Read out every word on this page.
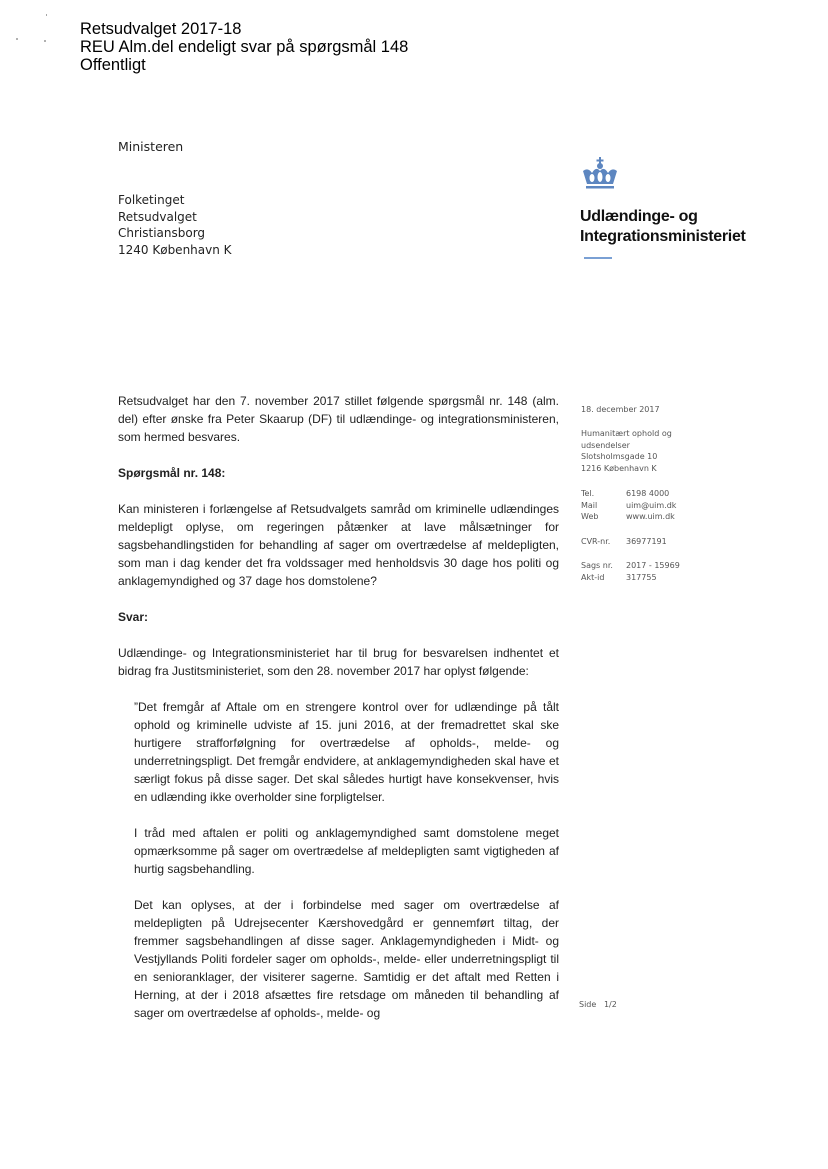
Retsudvalget 2017-18
REU Alm.del endeligt svar på spørgsmål 148
Offentligt
Ministeren
Folketinget
Retsudvalget
Christiansborg
1240 København K
Udlændinge- og
Integrationsministeriet
18. december 2017
Humanitært ophold og
udsendelser
Slotsholmsgade 10
1216 København K
Tel.	6198 4000
Mail	uim@uim.dk
Web	www.uim.dk
CVR-nr.	36977191
Sags nr.	2017 - 15969
Akt-id	317755

Retsudvalget har den 7. november 2017 stillet følgende spørgsmål nr. 148 (alm. del) efter ønske fra Peter Skaarup (DF) til udlændinge- og integrationsministeren, som hermed besvares.

Spørgsmål nr. 148:

Kan ministeren i forlængelse af Retsudvalgets samråd om kriminelle udlændinges meldepligt oplyse, om regeringen påtænker at lave målsætninger for sagsbehandlingstiden for behandling af sager om overtrædelse af meldepligten, som man i dag kender det fra voldssager med henholdsvis 30 dage hos politi og anklagemyndighed og 37 dage hos domstolene?

Svar:

Udlændinge- og Integrationsministeriet har til brug for besvarelsen indhentet et bidrag fra Justitsministeriet, som den 28. november 2017 har oplyst følgende:

”Det fremgår af Aftale om en strengere kontrol over for udlændinge på tålt ophold og kriminelle udviste af 15. juni 2016, at der fremadrettet skal ske hurtigere strafforfølgning for overtrædelse af opholds-, melde- og underretningspligt. Det fremgår endvidere, at anklagemyndigheden skal have et særligt fokus på disse sager. Det skal således hurtigt have konsekvenser, hvis en udlænding ikke overholder sine forpligtelser.

I tråd med aftalen er politi og anklagemyndighed samt domstolene meget opmærksomme på sager om overtrædelse af meldepligten samt vigtigheden af hurtig sagsbehandling.

Det kan oplyses, at der i forbindelse med sager om overtrædelse af meldepligten på Udrejsecenter Kærshovedgård er gennemført tiltag, der fremmer sagsbehandlingen af disse sager. Anklagemyndigheden i Midt- og Vestjyllands Politi fordeler sager om opholds-, melde- eller underretningspligt til en senioranklager, der visiterer sagerne. Samtidig er det aftalt med Retten i Herning, at der i 2018 afsættes fire retsdage om måneden til behandling af sager om overtrædelse af opholds-, melde- og

Side 1/2
